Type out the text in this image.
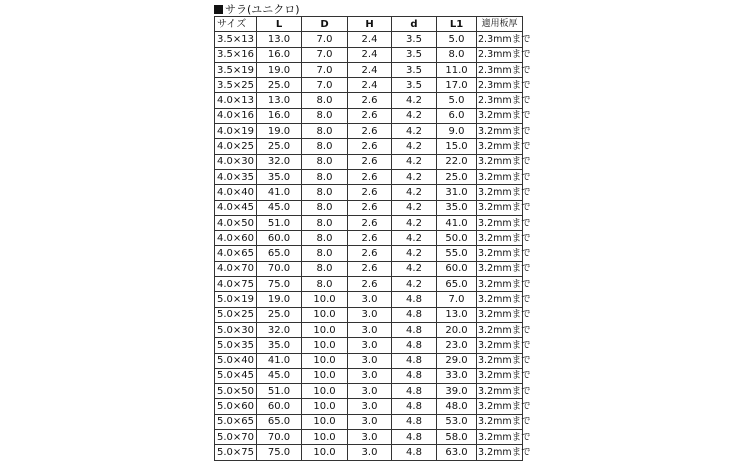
サラ(ユニクロ)
サイズ	L	D	H	d	L1	適用板厚
3.5×13	13.0	7.0	2.4	3.5	5.0	2.3mmまで
3.5×16	16.0	7.0	2.4	3.5	8.0	2.3mmまで
3.5×19	19.0	7.0	2.4	3.5	11.0	2.3mmまで
3.5×25	25.0	7.0	2.4	3.5	17.0	2.3mmまで
4.0×13	13.0	8.0	2.6	4.2	5.0	2.3mmまで
4.0×16	16.0	8.0	2.6	4.2	6.0	3.2mmまで
4.0×19	19.0	8.0	2.6	4.2	9.0	3.2mmまで
4.0×25	25.0	8.0	2.6	4.2	15.0	3.2mmまで
4.0×30	32.0	8.0	2.6	4.2	22.0	3.2mmまで
4.0×35	35.0	8.0	2.6	4.2	25.0	3.2mmまで
4.0×40	41.0	8.0	2.6	4.2	31.0	3.2mmまで
4.0×45	45.0	8.0	2.6	4.2	35.0	3.2mmまで
4.0×50	51.0	8.0	2.6	4.2	41.0	3.2mmまで
4.0×60	60.0	8.0	2.6	4.2	50.0	3.2mmまで
4.0×65	65.0	8.0	2.6	4.2	55.0	3.2mmまで
4.0×70	70.0	8.0	2.6	4.2	60.0	3.2mmまで
4.0×75	75.0	8.0	2.6	4.2	65.0	3.2mmまで
5.0×19	19.0	10.0	3.0	4.8	7.0	3.2mmまで
5.0×25	25.0	10.0	3.0	4.8	13.0	3.2mmまで
5.0×30	32.0	10.0	3.0	4.8	20.0	3.2mmまで
5.0×35	35.0	10.0	3.0	4.8	23.0	3.2mmまで
5.0×40	41.0	10.0	3.0	4.8	29.0	3.2mmまで
5.0×45	45.0	10.0	3.0	4.8	33.0	3.2mmまで
5.0×50	51.0	10.0	3.0	4.8	39.0	3.2mmまで
5.0×60	60.0	10.0	3.0	4.8	48.0	3.2mmまで
5.0×65	65.0	10.0	3.0	4.8	53.0	3.2mmまで
5.0×70	70.0	10.0	3.0	4.8	58.0	3.2mmまで
5.0×75	75.0	10.0	3.0	4.8	63.0	3.2mmまで
